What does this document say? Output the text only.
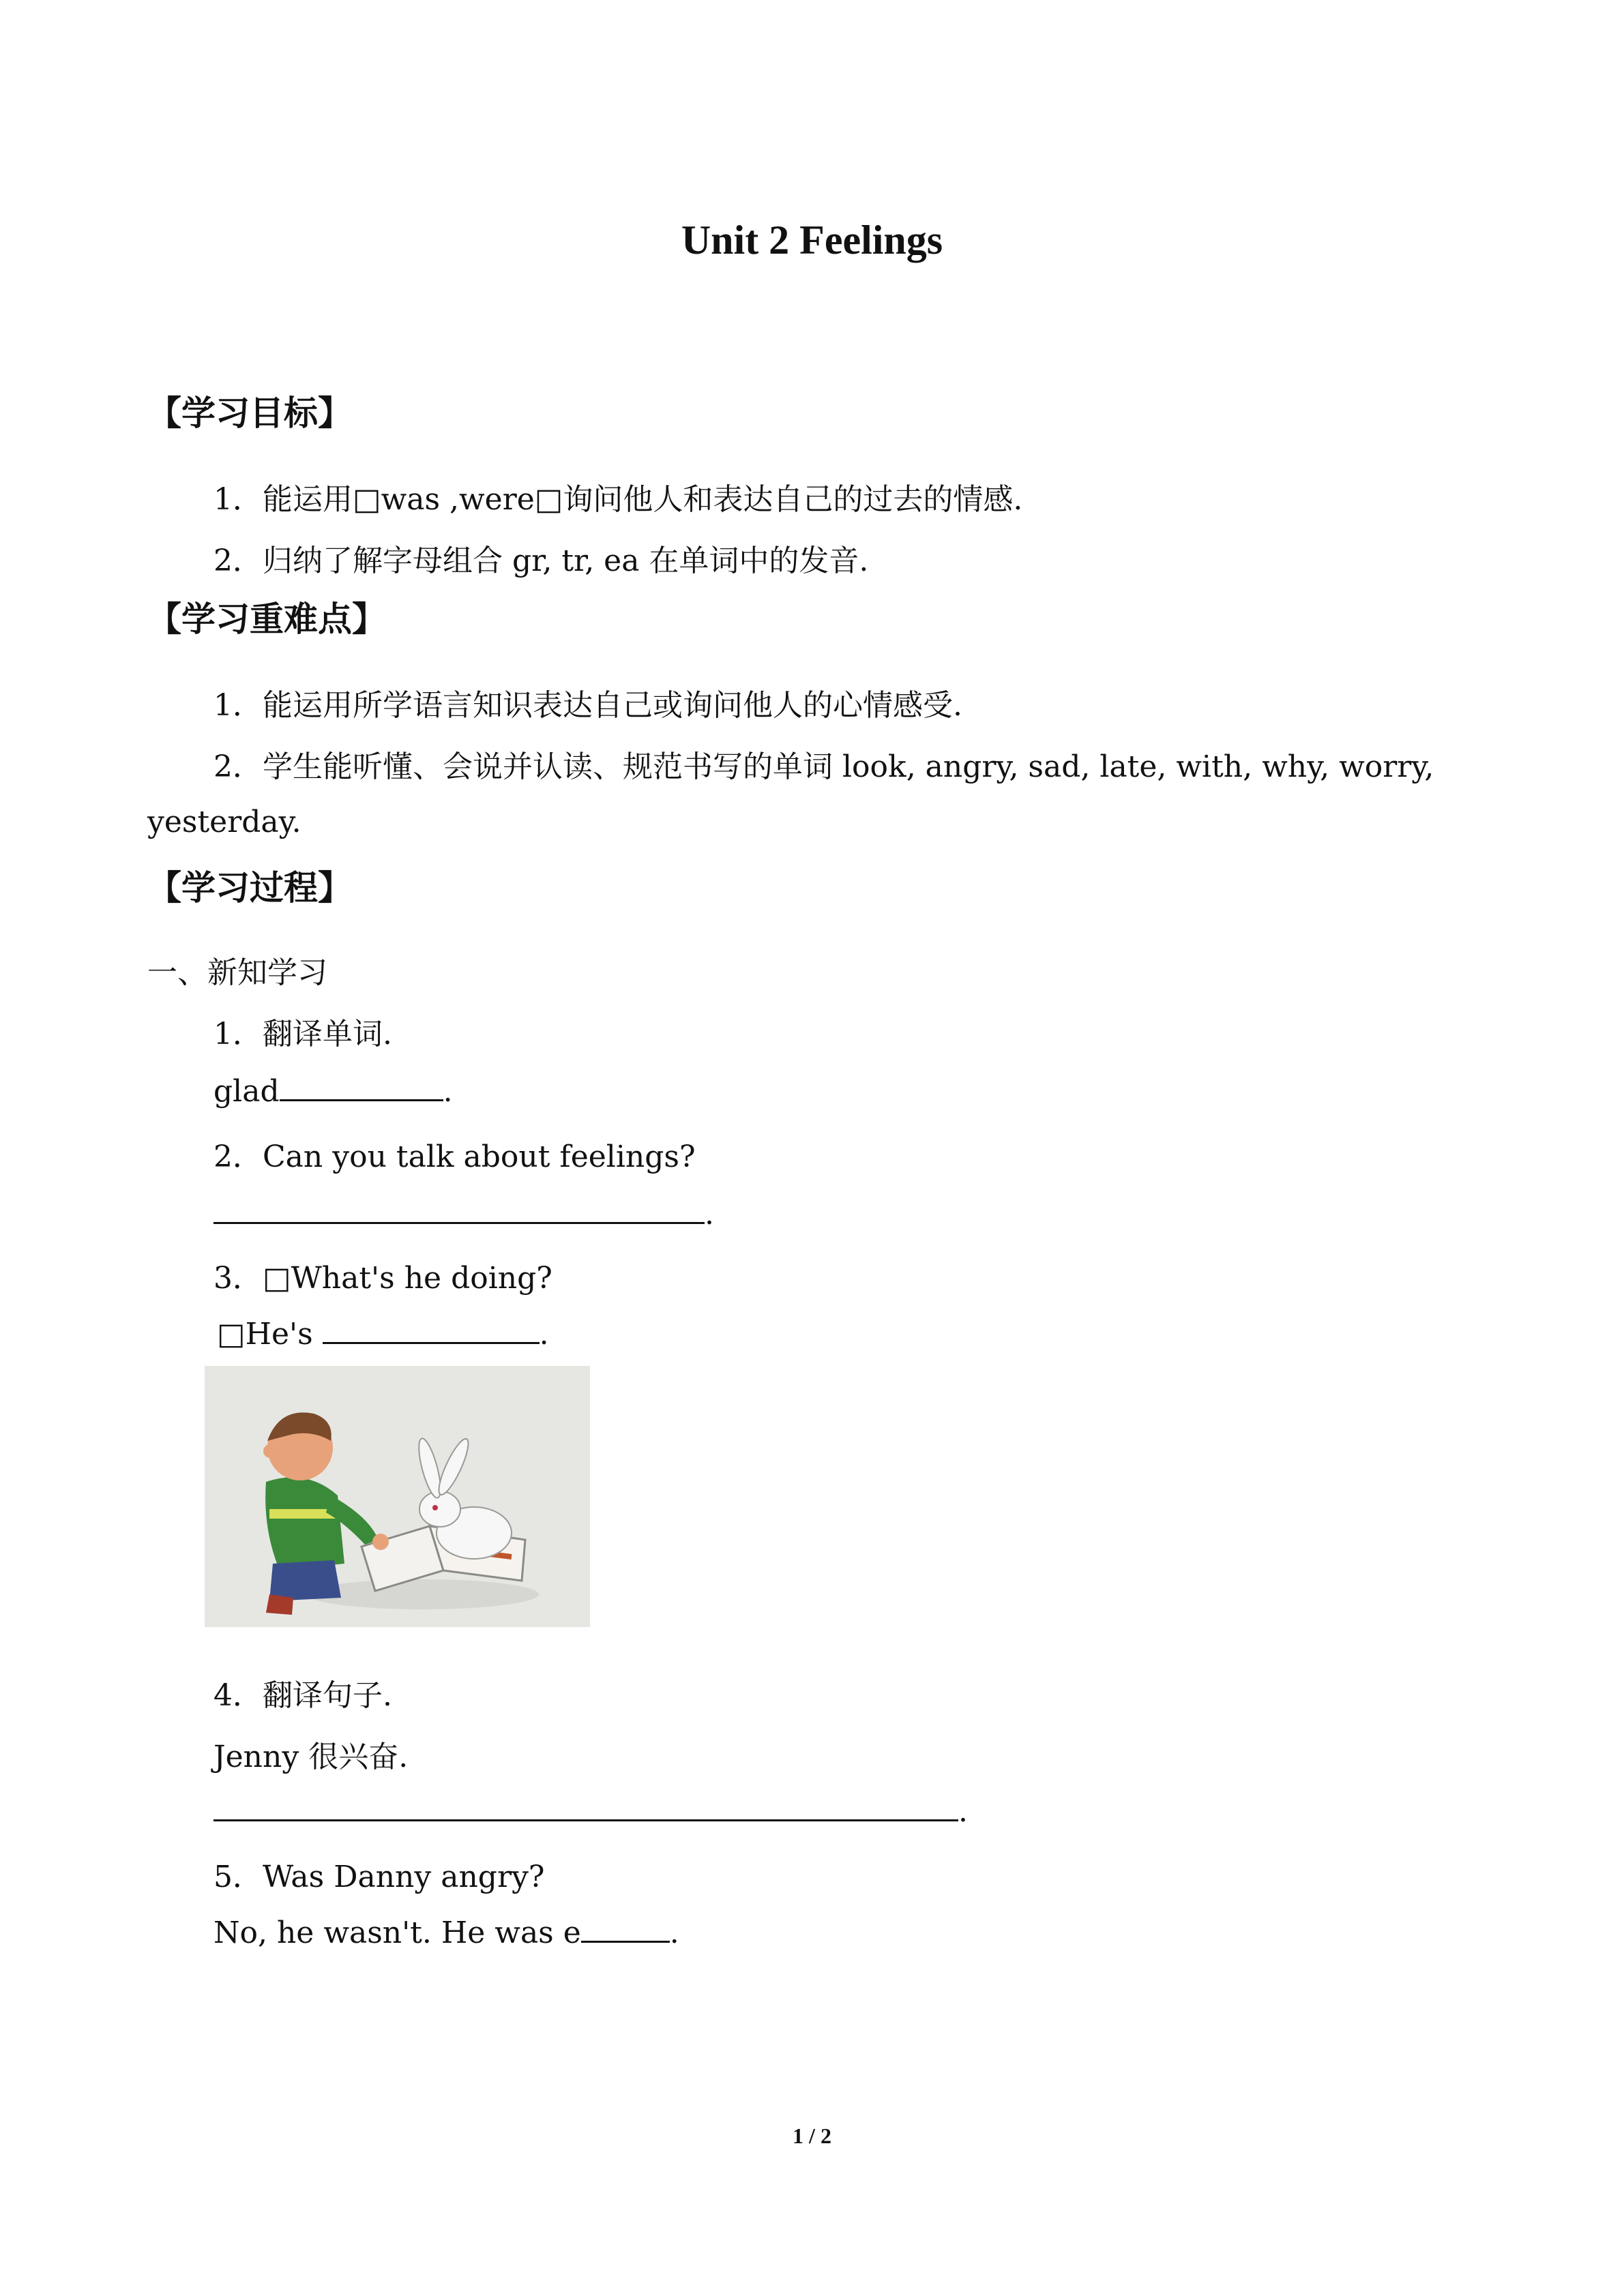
Unit 2 Feelings
【学习目标】
1．能运用□was ,were□询问他人和表达自己的过去的情感.
2．归纳了解字母组合 gr, tr, ea 在单词中的发音.
【学习重难点】
1．能运用所学语言知识表达自己或询问他人的心情感受.
2．学生能听懂、会说并认读、规范书写的单词 look, angry, sad, late, with, why, worry,
yesterday.
【学习过程】
一、新知学习
1．翻译单词.
glad	.
2．Can you talk about feelings?
.
3．□What's he doing?
□He's	.
4．翻译句子.
Jenny 很兴奋.
.
5．Was Danny angry?
No, he wasn't. He was e	.
1 / 2
